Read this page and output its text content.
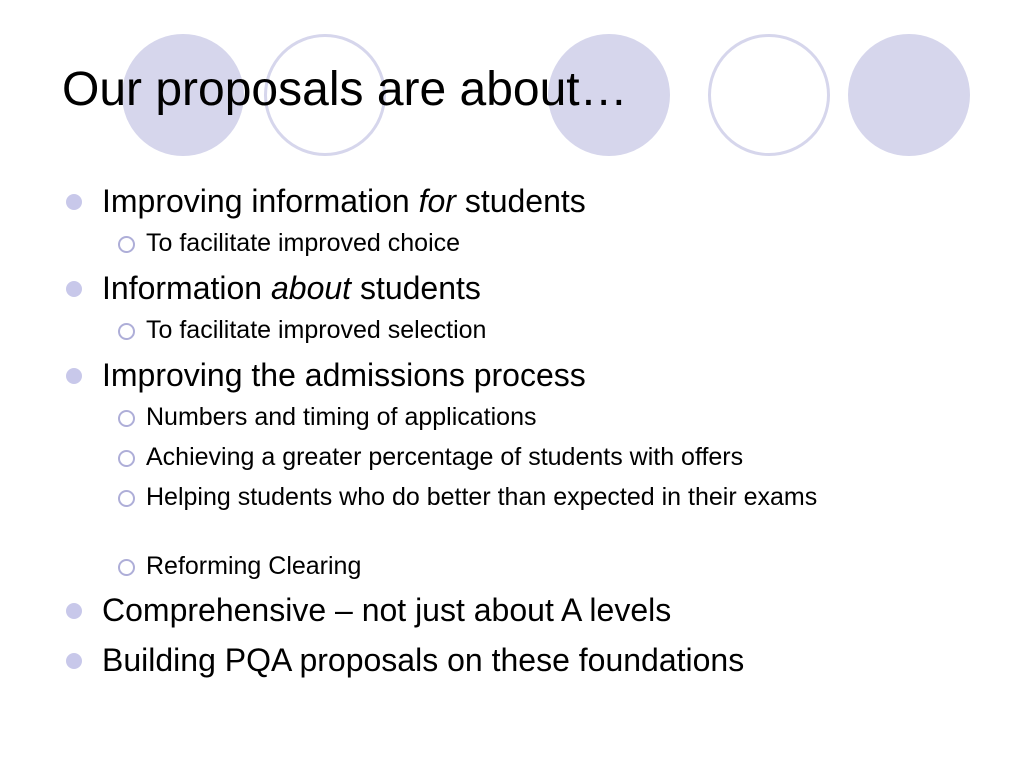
Our proposals are about…
Improving information for students
To facilitate improved choice
Information about students
To facilitate improved selection
Improving the admissions process
Numbers and timing of applications
Achieving a greater percentage of students with offers
Helping students who do better than expected in their exams
Reforming Clearing
Comprehensive – not just about A levels
Building PQA proposals on these foundations
